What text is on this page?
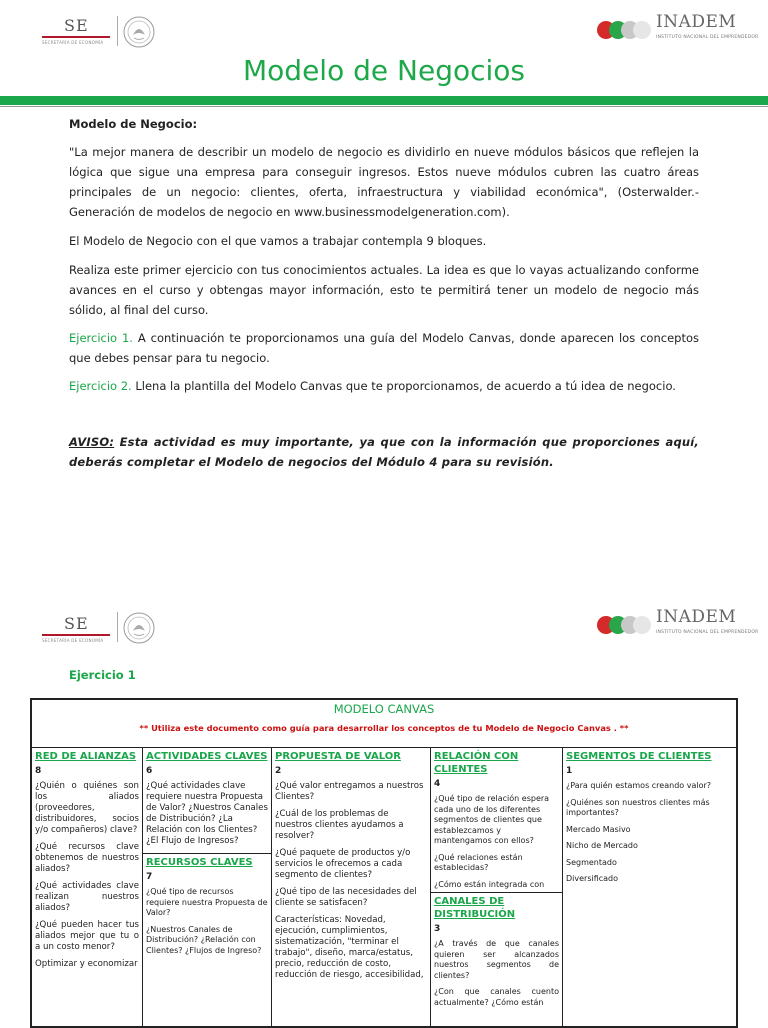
SE
SECRETARÍA DE ECONOMÍA
INADEM
INSTITUTO NACIONAL DEL EMPRENDEDOR
Modelo de Negocios
Modelo de Negocio:
"La mejor manera de describir un modelo de negocio es dividirlo en nueve módulos básicos que reflejen la lógica que sigue una empresa para conseguir ingresos. Estos nueve módulos cubren las cuatro áreas principales de un negocio: clientes, oferta, infraestructura y viabilidad económica", (Osterwalder.- Generación de modelos de negocio en www.businessmodelgeneration.com).
El Modelo de Negocio con el que vamos a trabajar contempla 9 bloques.
Realiza este primer ejercicio con tus conocimientos actuales. La idea es que lo vayas actualizando conforme avances en el curso y obtengas mayor información, esto te permitirá tener un modelo de negocio más sólido, al final del curso.
Ejercicio 1. A continuación te proporcionamos una guía del Modelo Canvas, donde aparecen los conceptos que debes pensar para tu negocio.
Ejercicio 2. Llena la plantilla del Modelo Canvas que te proporcionamos, de acuerdo a tú idea de negocio.
AVISO: Esta actividad es muy importante, ya que con la información que proporciones aquí, deberás completar el Modelo de negocios del Módulo 4 para su revisión.
SE
SECRETARÍA DE ECONOMÍA
INADEM
INSTITUTO NACIONAL DEL EMPRENDEDOR
Ejercicio 1
MODELO CANVAS
** Utiliza este documento como guía para desarrollar los conceptos de tu Modelo de Negocio Canvas . **
RED DE ALIANZAS
8
¿Quién o quiénes son los aliados (proveedores, distribuidores, socios y/o compañeros) clave?
¿Qué recursos clave obtenemos de nuestros aliados?
¿Qué actividades clave realizan nuestros aliados?
¿Qué pueden hacer tus aliados mejor que tu o a un costo menor?
Optimizar y economizar
ACTIVIDADES CLAVES
6
¿Qué actividades clave requiere nuestra Propuesta de Valor? ¿Nuestros Canales de Distribución? ¿La Relación con los Clientes? ¿El Flujo de Ingresos?
RECURSOS CLAVES
7
¿Qué tipo de recursos requiere nuestra Propuesta de Valor?
¿Nuestros Canales de Distribución? ¿Relación con Clientes? ¿Flujos de Ingreso?
PROPUESTA DE VALOR
2
¿Qué valor entregamos a nuestros Clientes?
¿Cuál de los problemas de nuestros clientes ayudamos a resolver?
¿Qué paquete de productos y/o servicios le ofrecemos a cada segmento de clientes?
¿Qué tipo de las necesidades del cliente se satisfacen?
Características: Novedad, ejecución, cumplimientos, sistematización, "terminar el trabajo", diseño, marca/estatus, precio, reducción de costo, reducción de riesgo, accesibilidad,
RELACIÓN CON CLIENTES
4
¿Qué tipo de relación espera cada uno de los diferentes segmentos de clientes que establezcamos y mantengamos con ellos?
¿Qué relaciones están establecidas?
¿Cómo están integrada con
CANALES DE DISTRIBUCIÓN
3
¿A través de que canales quieren ser alcanzados nuestros segmentos de clientes?
¿Con que canales cuento actualmente? ¿Cómo están
SEGMENTOS DE CLIENTES
1
¿Para quién estamos creando valor?
¿Quiénes son nuestros clientes más importantes?
Mercado Masivo
Nicho de Mercado
Segmentado
Diversificado
